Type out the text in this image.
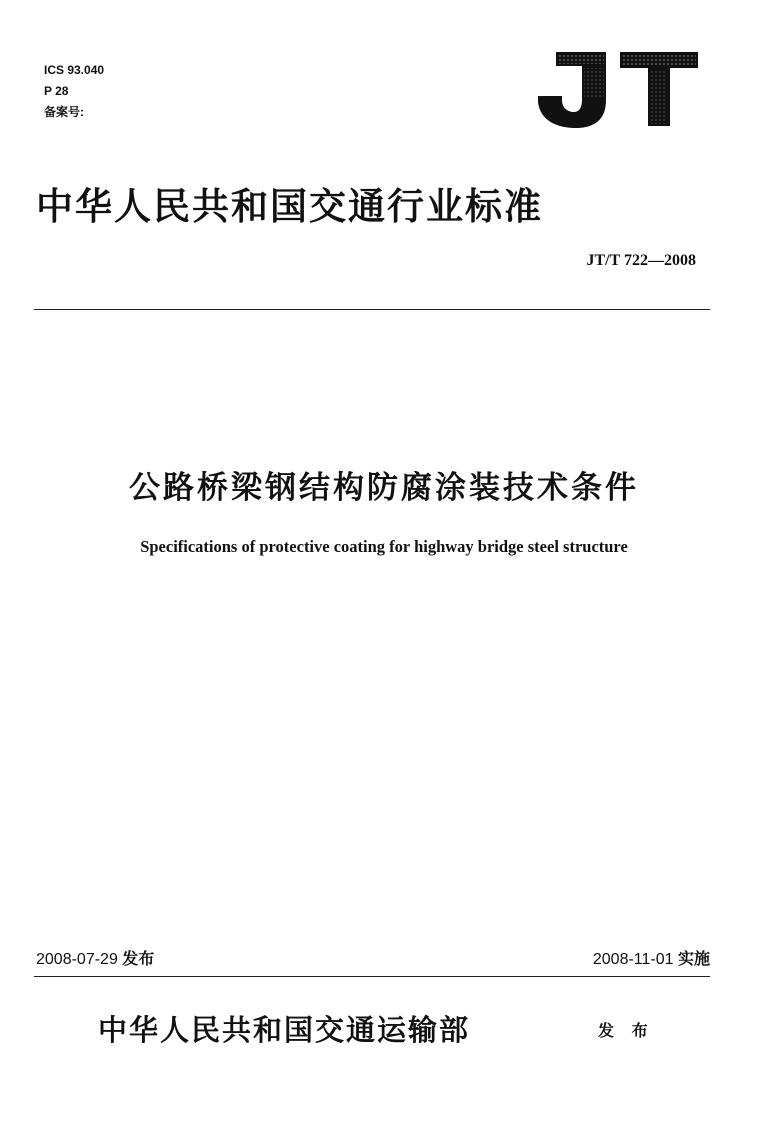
ICS 93.040
P 28
备案号:
中华人民共和国交通行业标准
JT/T 722—2008
公路桥梁钢结构防腐涂装技术条件
Specifications of protective coating for highway bridge steel structure
2008-07-29 发布	2008-11-01 实施
中华人民共和国交通运输部	发 布
